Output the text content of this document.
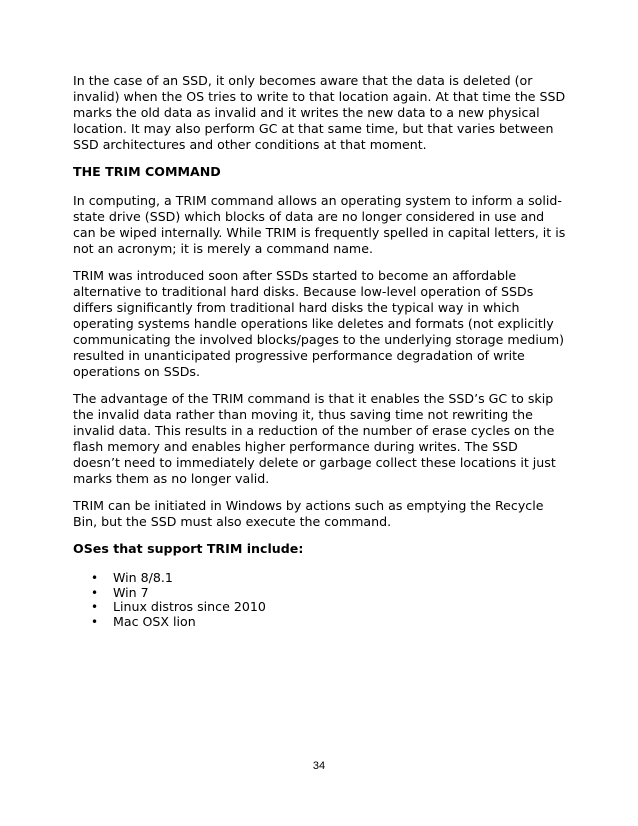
In the case of an SSD, it only becomes aware that the data is deleted (or invalid) when the OS tries to write to that location again. At that time the SSD marks the old data as invalid and it writes the new data to a new physical location. It may also perform GC at that same time, but that varies between SSD architectures and other conditions at that moment.

THE TRIM COMMAND

In computing, a TRIM command allows an operating system to inform a solid-state drive (SSD) which blocks of data are no longer considered in use and can be wiped internally. While TRIM is frequently spelled in capital letters, it is not an acronym; it is merely a command name.

TRIM was introduced soon after SSDs started to become an affordable alternative to traditional hard disks. Because low-level operation of SSDs differs significantly from traditional hard disks the typical way in which operating systems handle operations like deletes and formats (not explicitly communicating the involved blocks/pages to the underlying storage medium) resulted in unanticipated progressive performance degradation of write operations on SSDs.

The advantage of the TRIM command is that it enables the SSD’s GC to skip the invalid data rather than moving it, thus saving time not rewriting the invalid data. This results in a reduction of the number of erase cycles on the flash memory and enables higher performance during writes. The SSD doesn’t need to immediately delete or garbage collect these locations it just marks them as no longer valid.

TRIM can be initiated in Windows by actions such as emptying the Recycle Bin, but the SSD must also execute the command.

OSes that support TRIM include:
• Win 8/8.1
• Win 7
• Linux distros since 2010
• Mac OSX lion
34
